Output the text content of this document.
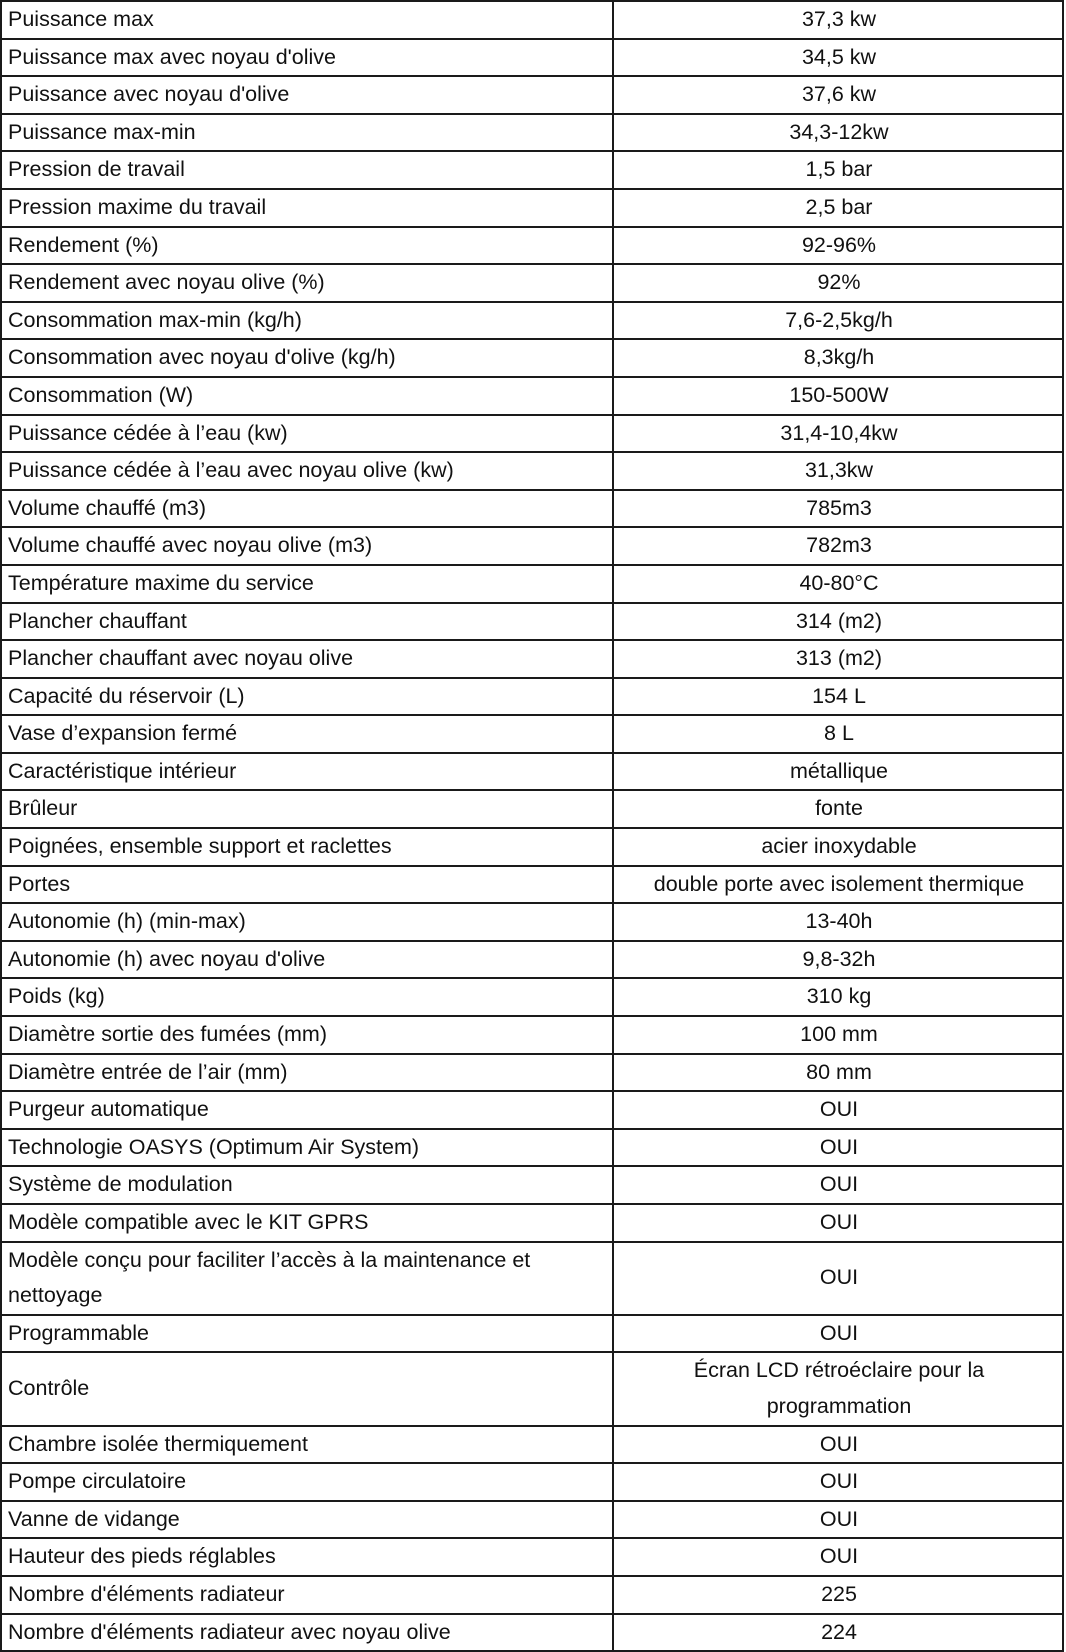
Puissance max	37,3 kw
Puissance max avec noyau d'olive	34,5 kw
Puissance avec noyau d'olive	37,6 kw
Puissance max-min	34,3-12kw
Pression de travail	1,5 bar
Pression maxime du travail	2,5 bar
Rendement (%)	92-96%
Rendement avec noyau olive (%)	92%
Consommation max-min (kg/h)	7,6-2,5kg/h
Consommation avec noyau d'olive (kg/h)	8,3kg/h
Consommation (W)	150-500W
Puissance cédée à l’eau (kw)	31,4-10,4kw
Puissance cédée à l’eau avec noyau olive (kw)	31,3kw
Volume chauffé (m3)	785m3
Volume chauffé avec noyau olive (m3)	782m3
Température maxime du service	40-80°C
Plancher chauffant	314 (m2)
Plancher chauffant avec noyau olive	313 (m2)
Capacité du réservoir (L)	154 L
Vase d’expansion fermé	8 L
Caractéristique intérieur	métallique
Brûleur	fonte
Poignées, ensemble support et raclettes	acier inoxydable
Portes	double porte avec isolement thermique
Autonomie (h) (min-max)	13-40h
Autonomie (h) avec noyau d'olive	9,8-32h
Poids (kg)	310 kg
Diamètre sortie des fumées (mm)	100 mm
Diamètre entrée de l’air (mm)	80 mm
Purgeur automatique	OUI
Technologie OASYS (Optimum Air System)	OUI
Système de modulation	OUI
Modèle compatible avec le KIT GPRS	OUI
Modèle conçu pour faciliter l’accès à la maintenance et nettoyage	OUI
Programmable	OUI
Contrôle	Écran LCD rétroéclaire pour la programmation
Chambre isolée thermiquement	OUI
Pompe circulatoire	OUI
Vanne de vidange	OUI
Hauteur des pieds réglables	OUI
Nombre d'éléments radiateur	225
Nombre d'éléments radiateur avec noyau olive	224
